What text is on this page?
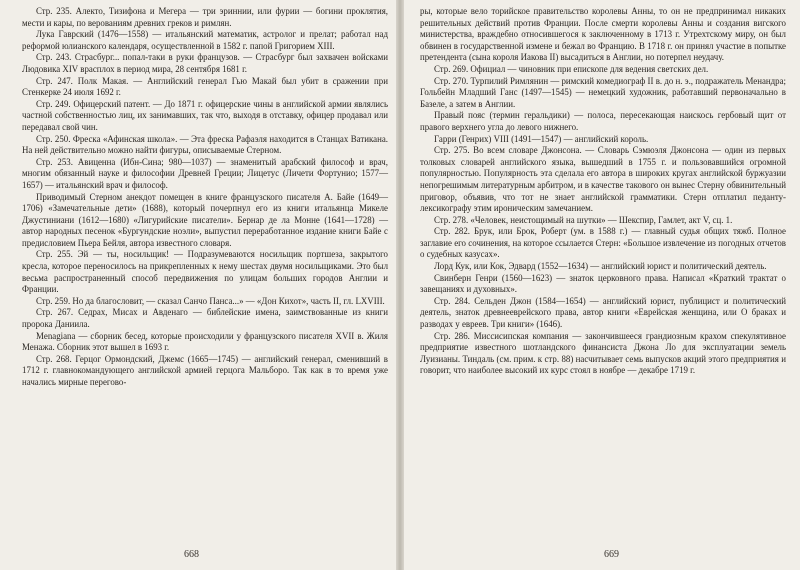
Стр. 235. Алекто, Тизифона и Мегера — три эриннии, или фурии — богини проклятия, мести и кары, по верованиям древних греков и римлян.

Лука Гаврский (1476—1558) — итальянский математик, астролог и прелат; работал над реформой юлианского календаря, осуществленной в 1582 г. папой Григорием XIII.

Стр. 243. Страсбург... попал-таки в руки французов. — Страсбург был захвачен войсками Людовика XIV врасплох в период мира, 28 сентября 1681 г.

Стр. 247. Полк Макая. — Английский генерал Гью Макай был убит в сражении при Стенкерке 24 июля 1692 г.

Стр. 249. Офицерский патент. — До 1871 г. офицерские чины в английской армии являлись частной собственностью лиц, их занимавших, так что, выходя в отставку, офицер продавал или передавал свой чин.

Стр. 250. Фреска «Афинская школа». — Эта фреска Рафаэля находится в Станцах Ватикана. На ней действительно можно найти фигуры, описываемые Стерном.

Стр. 253. Авиценна (Ибн-Сина; 980—1037) — знаменитый арабский философ и врач, многим обязанный науке и философии Древней Греции; Лицетус (Личети Фортунио; 1577—1657) — итальянский врач и философ.

Приводимый Стерном анекдот помещен в книге французского писателя А. Байе (1649—1706) «Замечательные дети» (1688), который почерпнул его из книги итальянца Микеле Джустиниани (1612—1680) «Лигурийские писатели». Бернар де ла Монне (1641—1728) — автор народных песенок «Бургундские ноэли», выпустил переработанное издание книги Байе с предисловием Пьера Бейля, автора известного словаря.

Стр. 255. Эй — ты, носильщик! — Подразумеваются носильщик портшеза, закрытого кресла, которое переносилось на прикрепленных к нему шестах двумя носильщиками. Это был весьма распространенный способ передвижения по улицам больших городов Англии и Франции.

Стр. 259. Но да благословит, — сказал Санчо Панса...» — «Дон Кихот», часть II, гл. LXVIII.

Стр. 267. Седрах, Мисах и Авденаго — библейские имена, заимствованные из книги пророка Даниила.

Menagiana — сборник бесед, которые происходили у французского писателя XVII в. Жиля Менажа. Сборник этот вышел в 1693 г.

Стр. 268. Герцог Ормондский, Джемс (1665—1745) — английский генерал, сменивший в 1712 г. главнокомандующего английской армией герцога Мальборо. Так как в то время уже начались мирные перегово-

668

ры, которые вело торийское правительство королевы Анны, то он не предпринимал никаких решительных действий против Франции. После смерти королевы Анны и создания вигского министерства, враждебно относившегося к заключенному в 1713 г. Утрехтскому миру, он был обвинен в государственной измене и бежал во Францию. В 1718 г. он принял участие в попытке претендента (сына короля Иакова II) высадиться в Англии, но потерпел неудачу.

Стр. 269. Официал — чиновник при епископе для ведения светских дел.

Стр. 270. Турпилий Римлянин — римский комедиограф II в. до н. э., подражатель Менандра; Гольбейн Младший Ганс (1497—1545) — немецкий художник, работавший первоначально в Базеле, а затем в Англии.

Правый пояс (термин геральдики) — полоса, пересекающая наискось гербовый щит от правого верхнего угла до левого нижнего.

Гарри (Генрих) VIII (1491—1547) — английский король.

Стр. 275. Во всем словаре Джонсона. — Словарь Сэмюэля Джонсона — один из первых толковых словарей английского языка, вышедший в 1755 г. и пользовавшийся огромной популярностью. Популярность эта сделала его автора в широких кругах английской буржуазии непогрешимым литературным арбитром, и в качестве такового он вынес Стерну обвинительный приговор, объявив, что тот не знает английской грамматики. Стерн отплатил педанту-лексикографу этим ироническим замечанием.

Стр. 278. «Человек, неистощимый на шутки» — Шекспир, Гамлет, акт V, сц. 1.

Стр. 282. Брук, или Брок, Роберт (ум. в 1588 г.) — главный судья общих тяжб. Полное заглавие его сочинения, на которое ссылается Стерн: «Большое извлечение из погодных отчетов о судебных казусах».

Лорд Кук, или Кок, Эдвард (1552—1634) — английский юрист и политический деятель.

Свинберн Генри (1560—1623) — знаток церковного права. Написал «Краткий трактат о завещаниях и духовных».

Стр. 284. Сельден Джон (1584—1654) — английский юрист, публицист и политический деятель, знаток древнееврейского права, автор книги «Еврейская женщина, или О браках и разводах у евреев. Три книги» (1646).

Стр. 286. Миссисипская компания — закончившееся грандиозным крахом спекулятивное предприятие известного шотландского финансиста Джона Ло для эксплуатации земель Луизианы. Тиндаль (см. прим. к стр. 88) насчитывает семь выпусков акций этого предприятия и говорит, что наиболее высокий их курс стоял в ноябре — декабре 1719 г.

669
